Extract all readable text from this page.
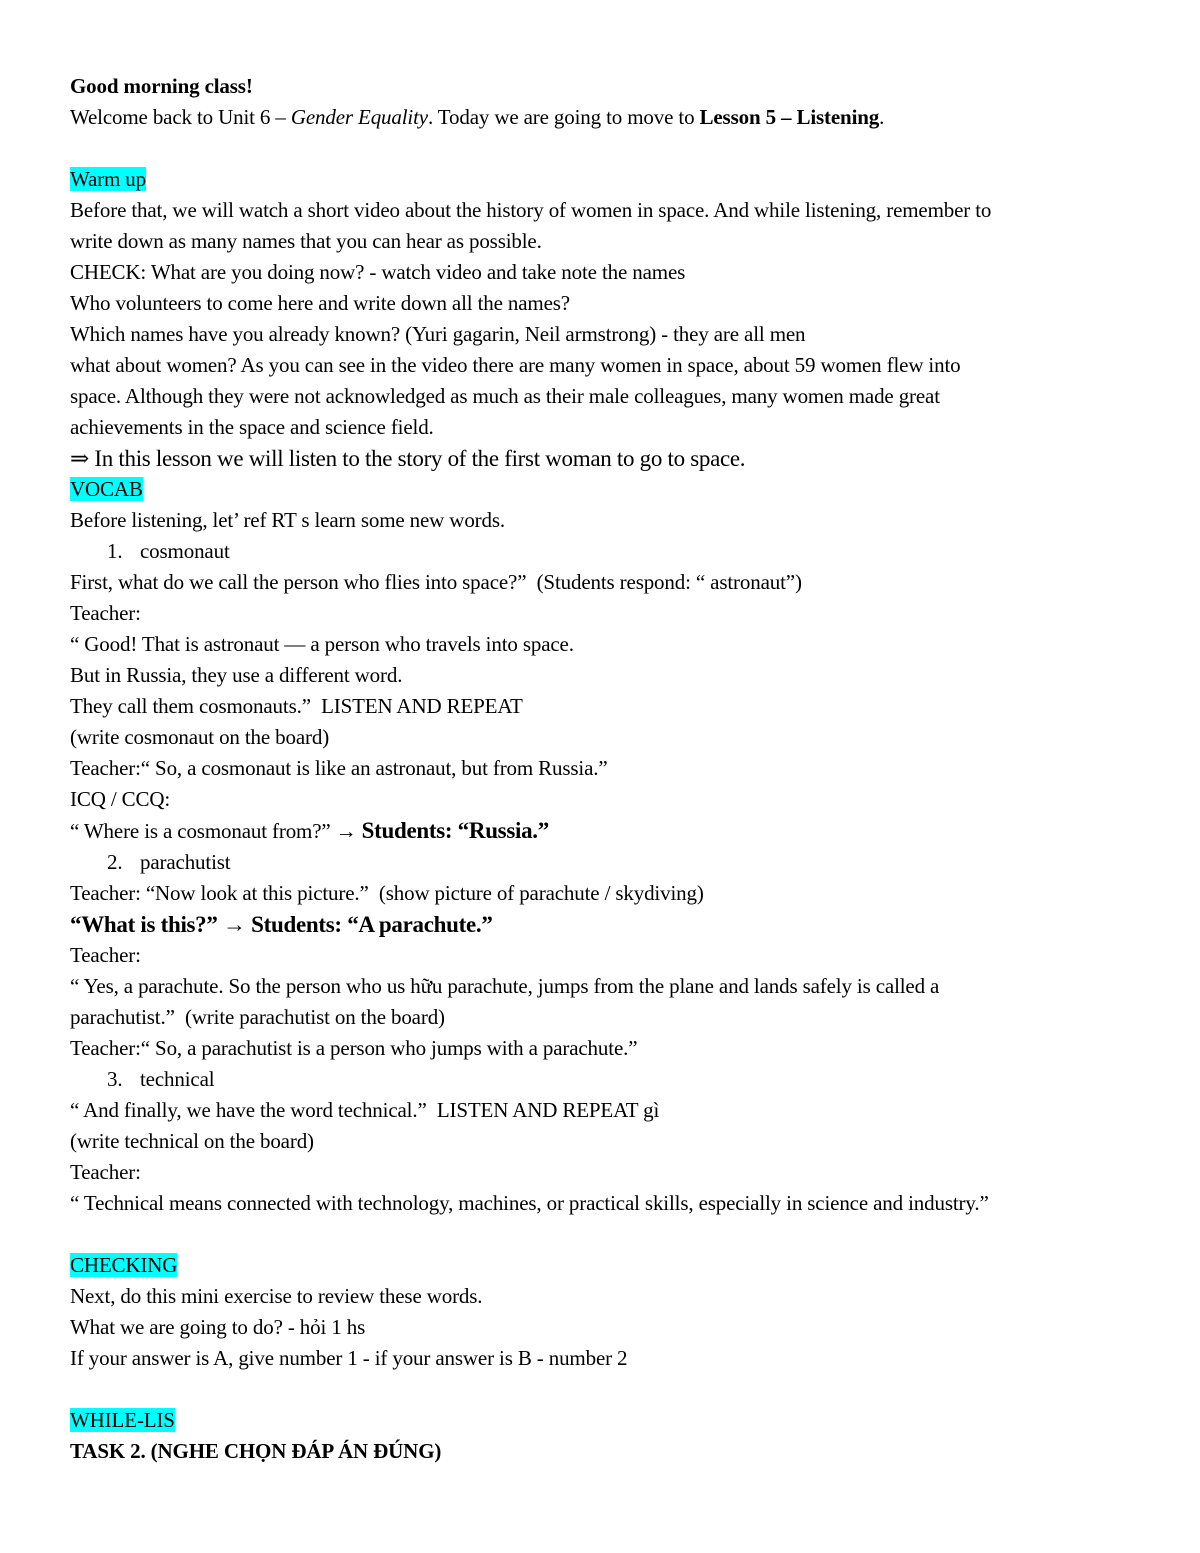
Good morning class!
Welcome back to Unit 6 – Gender Equality. Today we are going to move to Lesson 5 – Listening.
Warm up
Before that, we will watch a short video about the history of women in space. And while listening, remember to
write down as many names that you can hear as possible.
CHECK: What are you doing now? - watch video and take note the names
Who volunteers to come here and write down all the names?
Which names have you already known? (Yuri gagarin, Neil armstrong) - they are all men
what about women? As you can see in the video there are many women in space, about 59 women flew into
space. Although they were not acknowledged as much as their male colleagues, many women made great
achievements in the space and science field.
⇒ In this lesson we will listen to the story of the first woman to go to space.
VOCAB
Before listening, let’ ref RT s learn some new words.
1. cosmonaut
First, what do we call the person who flies into space?”  (Students respond: “ astronaut”)
Teacher:
“ Good! That is astronaut — a person who travels into space.
But in Russia, they use a different word.
They call them cosmonauts.”  LISTEN AND REPEAT
(write cosmonaut on the board)
Teacher:“ So, a cosmonaut is like an astronaut, but from Russia.”
ICQ / CCQ:
“ Where is a cosmonaut from?” → Students: “Russia.”
2. parachutist
Teacher: “Now look at this picture.”  (show picture of parachute / skydiving)
“What is this?” → Students: “A parachute.”
Teacher:
“ Yes, a parachute. So the person who us hữu parachute, jumps from the plane and lands safely is called a
parachutist.”  (write parachutist on the board)
Teacher:“ So, a parachutist is a person who jumps with a parachute.”
3. technical
“ And finally, we have the word technical.”  LISTEN AND REPEAT gì
(write technical on the board)
Teacher:
“ Technical means connected with technology, machines, or practical skills, especially in science and industry.”
CHECKING
Next, do this mini exercise to review these words.
What we are going to do? - hỏi 1 hs
If your answer is A, give number 1 - if your answer is B - number 2
WHILE-LIS
TASK 2. (NGHE CHỌN ĐÁP ÁN ĐÚNG)
